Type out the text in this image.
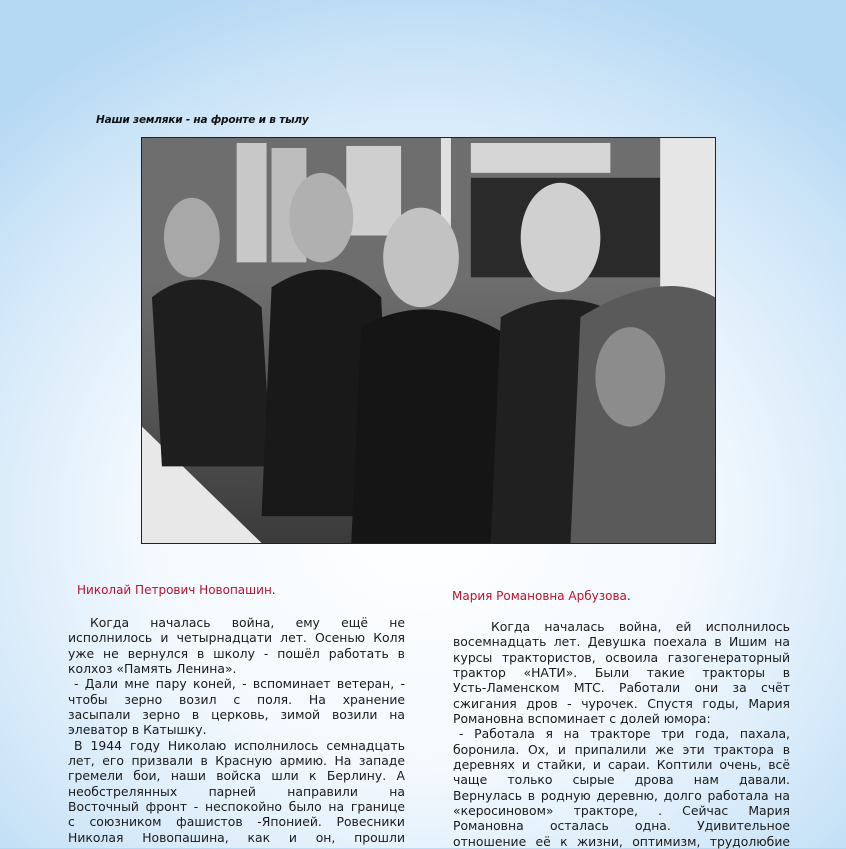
Наши земляки - на фронте и в тылу
Николай Петрович Новопашин.
Когда началась война, ему ещё не
исполнилось и четырнадцати лет. Осенью Коля
уже не вернулся в школу - пошёл работать в
колхоз «Память Ленина».
- Дали мне пару коней, - вспоминает ветеран, -
чтобы зерно возил с поля. На хранение
засыпали зерно в церковь, зимой возили на
элеватор в Катышку.
В 1944 году Николаю исполнилось семнадцать
лет, его призвали в Красную армию. На западе
гремели бои, наши войска шли к Берлину. А
необстрелянных парней направили на
Восточный фронт - неспокойно было на границе
с союзником фашистов -Японией. Ровесники
Николая Новопашина, как и он, прошли
Мария Романовна Арбузова.
Когда началась война, ей исполнилось
восемнадцать лет. Девушка поехала в Ишим на
курсы трактористов, освоила газогенераторный
трактор «НАТИ». Были такие тракторы в
Усть-Ламенском МТС. Работали они за счёт
сжигания дров - чурочек. Спустя годы, Мария
Романовна вспоминает с долей юмора:
- Работала я на тракторе три года, пахала,
боронила. Ох, и припалили же эти трактора в
деревнях и стайки, и сараи. Коптили очень, всё
чаще только сырые дрова нам давали.
Вернулась в родную деревню, долго работала на
«керосиновом» тракторе, . Сейчас Мария
Романовна осталась одна. Удивительное
отношение её к жизни, оптимизм, трудолюбие
